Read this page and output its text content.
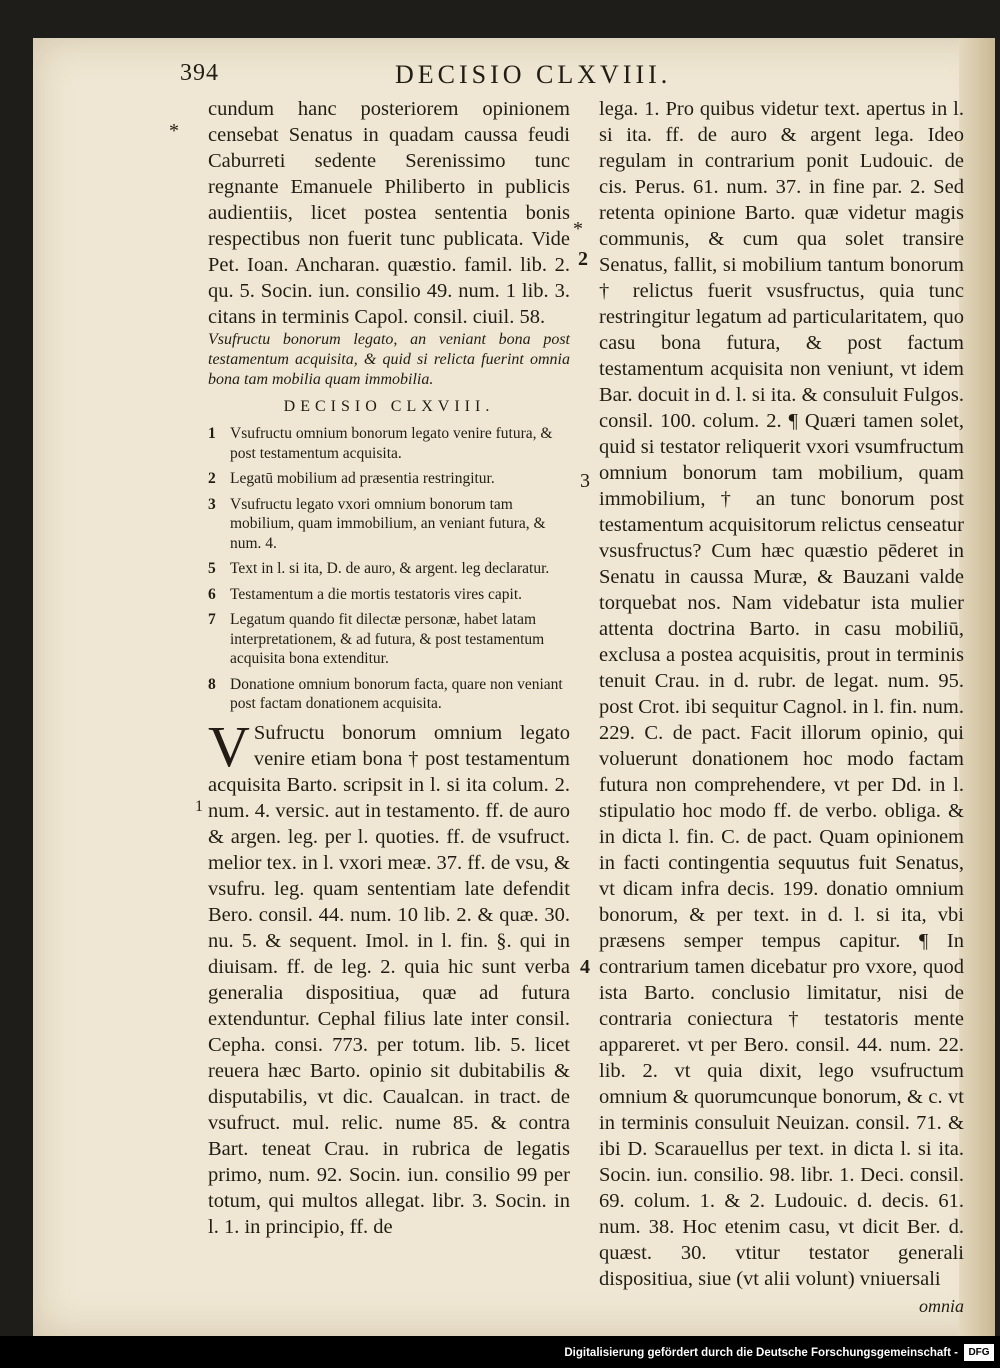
394	DECISIO CLXVIII.
*
1
*
2
3
4

cundum hanc posteriorem opinionem censebat Senatus in quadam caussa feudi Caburreti sedente Serenissimo tunc regnante Emanuele Philiberto in publicis audientiis, licet postea sententia bonis respectibus non fuerit tunc publicata. Vide Pet. Ioan. Ancharan. quæstio. famil. lib. 2. qu. 5. Socin. iun. consilio 49. num. 1 lib. 3. citans in terminis Capol. consil. ciuil. 58.

Vsufructu bonorum legato, an veniant bona post testamentum acquisita, & quid si relicta fuerint omnia bona tam mobilia quam immobilia.

DECISIO CLXVIII.
1 Vsufructu omnium bonorum legato venire futura, & post testamentum acquisita.
2 Legatū mobilium ad præsentia restringitur.
3 Vsufructu legato vxori omnium bonorum tam mobilium, quam immobilium, an veniant futura, & num. 4.
5 Text in l. si ita, D. de auro, & argent. leg declaratur.
6 Testamentum a die mortis testatoris vires capit.
7 Legatum quando fit dilectæ personæ, habet latam interpretationem, & ad futura, & post testamentum acquisita bona extenditur.
8 Donatione omnium bonorum facta, quare non veniant post factam donationem acquisita.

V Sufructu bonorum omnium legato venire etiam bona † post testamentum acquisita Barto. scripsit in l. si ita colum. 2. num. 4. versic. aut in testamento. ff. de auro & argen. leg. per l. quoties. ff. de vsufruct. melior tex. in l. vxori meæ. 37. ff. de vsu, & vsufru. leg. quam sententiam late defendit Bero. consil. 44. num. 10 lib. 2. & quæ. 30. nu. 5. & sequent. Imol. in l. fin. §. qui in diuisam. ff. de leg. 2. quia hic sunt verba generalia dispositiua, quæ ad futura extenduntur. Cephal filius late inter consil. Cepha. consi. 773. per totum. lib. 5. licet reuera hæc Barto. opinio sit dubitabilis & disputabilis, vt dic. Caualcan. in tract. de vsufruct. mul. relic. nume 85. & contra Bart. teneat Crau. in rubrica de legatis primo, num. 92. Socin. iun. consilio 99 per totum, qui multos allegat. libr. 3. Socin. in l. 1. in principio, ff. de

lega. 1. Pro quibus videtur text. apertus in l. si ita. ff. de auro & argent lega. Ideo regulam in contrarium ponit Ludouic. de cis. Perus. 61. num. 37. in fine par. 2. Sed retenta opinione Barto. quæ videtur magis communis, & cum qua solet transire Senatus, fallit, si mobilium tantum bonorum † relictus fuerit vsusfructus, quia tunc restringitur legatum ad particularitatem, quo casu bona futura, & post factum testamentum acquisita non veniunt, vt idem Bar. docuit in d. l. si ita. & consuluit Fulgos. consil. 100. colum. 2. ¶ Quæri tamen solet, quid si testator reliquerit vxori vsumfructum omnium bonorum tam mobilium, quam immobilium, † an tunc bonorum post testamentum acquisitorum relictus censeatur vsusfructus? Cum hæc quæstio pēderet in Senatu in caussa Muræ, & Bauzani valde torquebat nos. Nam videbatur ista mulier attenta doctrina Barto. in casu mobiliū, exclusa a postea acquisitis, prout in terminis tenuit Crau. in d. rubr. de legat. num. 95. post Crot. ibi sequitur Cagnol. in l. fin. num. 229. C. de pact. Facit illorum opinio, qui voluerunt donationem hoc modo factam futura non comprehendere, vt per Dd. in l. stipulatio hoc modo ff. de verbo. obliga. & in dicta l. fin. C. de pact. Quam opinionem in facti contingentia sequutus fuit Senatus, vt dicam infra decis. 199. donatio omnium bonorum, & per text. in d. l. si ita, vbi præsens semper tempus capitur. ¶ In contrarium tamen dicebatur pro vxore, quod ista Barto. conclusio limitatur, nisi de contraria coniectura † testatoris mente appareret. vt per Bero. consil. 44. num. 22. lib. 2. vt quia dixit, lego vsufructum omnium & quorumcunque bonorum, & c. vt in terminis consuluit Neuizan. consil. 71. & ibi D. Scarauellus per text. in dicta l. si ita. Socin. iun. consilio. 98. libr. 1. Deci. consil. 69. colum. 1. & 2. Ludouic. d. decis. 61. num. 38. Hoc etenim casu, vt dicit Ber. d. quæst. 30. vtitur testator generali dispositiua, siue (vt alii volunt) vniuersali

omnia
Digitalisierung gefördert durch die Deutsche Forschungsgemeinschaft -	DFG
